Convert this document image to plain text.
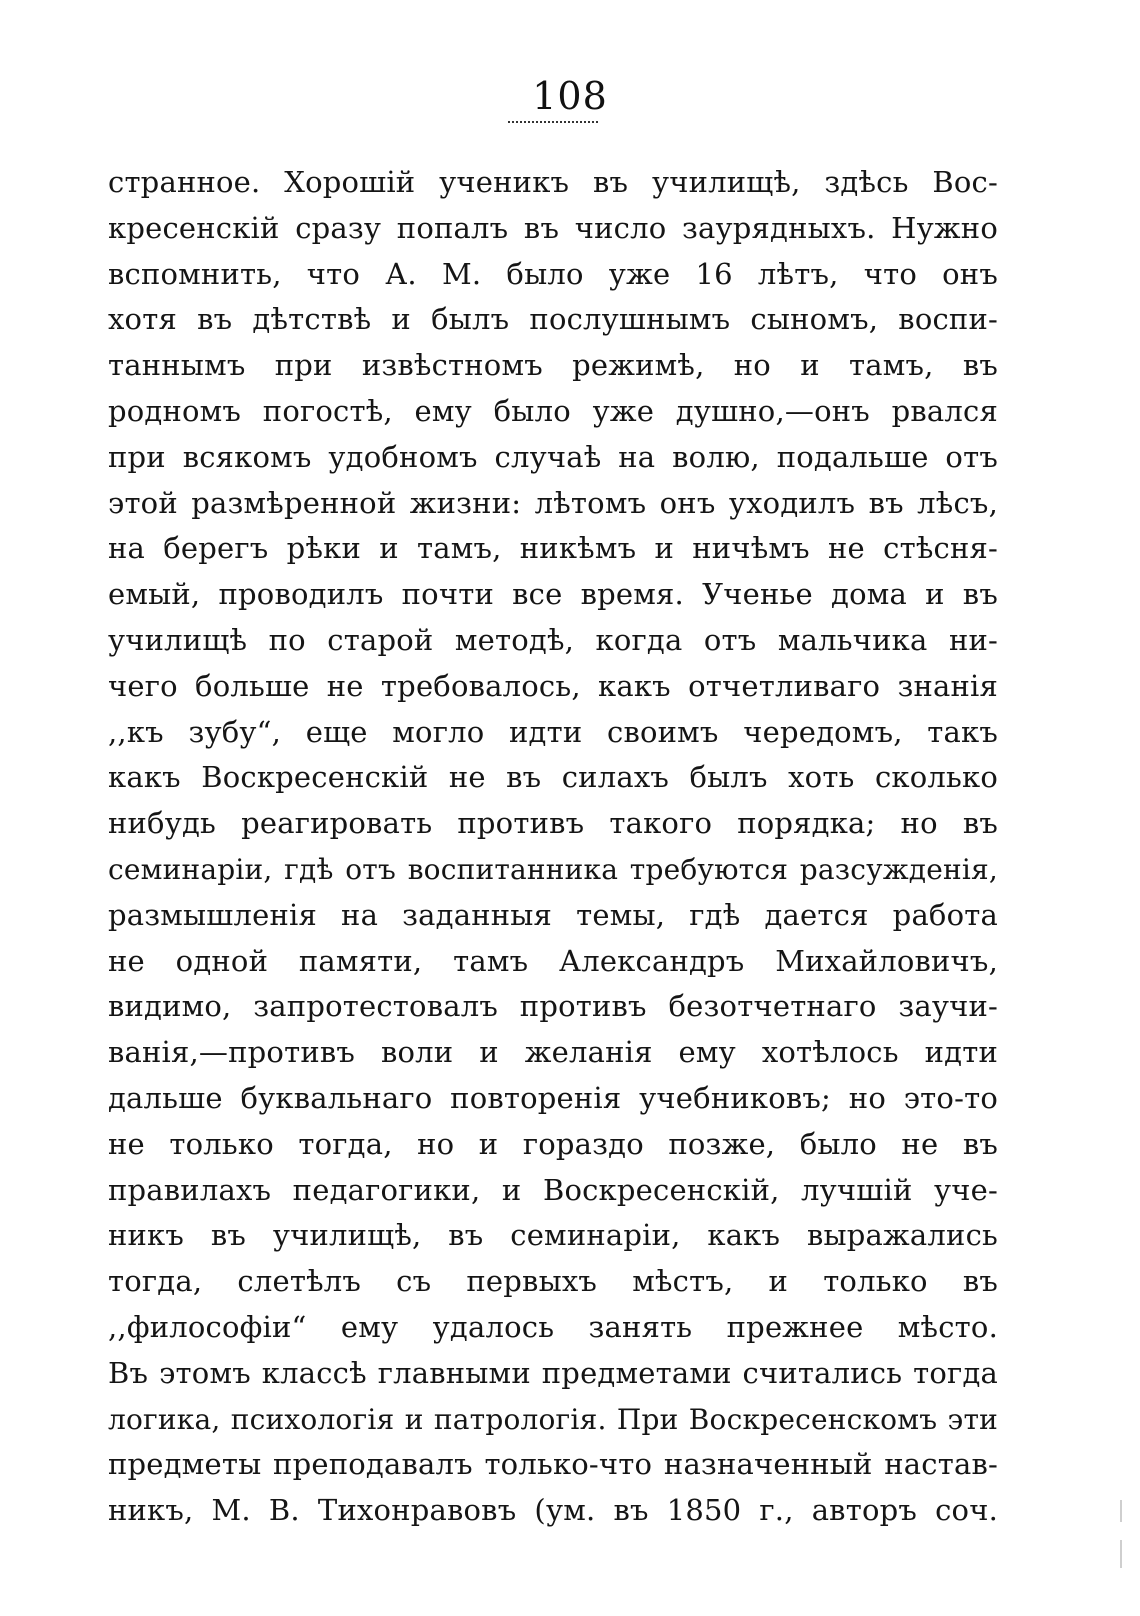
108
странное. Хорошій ученикъ въ училищѣ, здѣсь Вос-
кресенскій сразу попалъ въ число заурядныхъ. Нужно
вспомнить, что А. М. было уже 16 лѣтъ, что онъ
хотя въ дѣтствѣ и былъ послушнымъ сыномъ, воспи-
таннымъ при извѣстномъ режимѣ, но и тамъ, въ
родномъ погостѣ, ему было уже душно,—онъ рвался
при всякомъ удобномъ случаѣ на волю, подальше отъ
этой размѣренной жизни: лѣтомъ онъ уходилъ въ лѣсъ,
на берегъ рѣки и тамъ, никѣмъ и ничѣмъ не стѣсня-
емый, проводилъ почти все время. Ученье дома и въ
училищѣ по старой методѣ, когда отъ мальчика ни-
чего больше не требовалось, какъ отчетливаго знанія
,,къ зубу“, еще могло идти своимъ чередомъ, такъ
какъ Воскресенскій не въ силахъ былъ хоть сколько
нибудь реагировать противъ такого порядка; но въ
семинаріи, гдѣ отъ воспитанника требуются разсужденія,
размышленія на заданныя темы, гдѣ дается работа
не одной памяти, тамъ Александръ Михайловичъ,
видимо, запротестовалъ противъ безотчетнаго заучи-
ванія,—противъ воли и желанія ему хотѣлось идти
дальше буквальнаго повторенія учебниковъ; но это-то
не только тогда, но и гораздо позже, было не въ
правилахъ педагогики, и Воскресенскій, лучшій уче-
никъ въ училищѣ, въ семинаріи, какъ выражались
тогда, слетѣлъ съ первыхъ мѣстъ, и только въ
,,философіи“ ему удалось занять прежнее мѣсто.
Въ этомъ классѣ главными предметами считались тогда
логика, психологія и патрологія. При Воскресенскомъ эти
предметы преподавалъ только-что назначенный настав-
никъ, М. В. Тихонравовъ (ум. въ 1850 г., авторъ соч.
